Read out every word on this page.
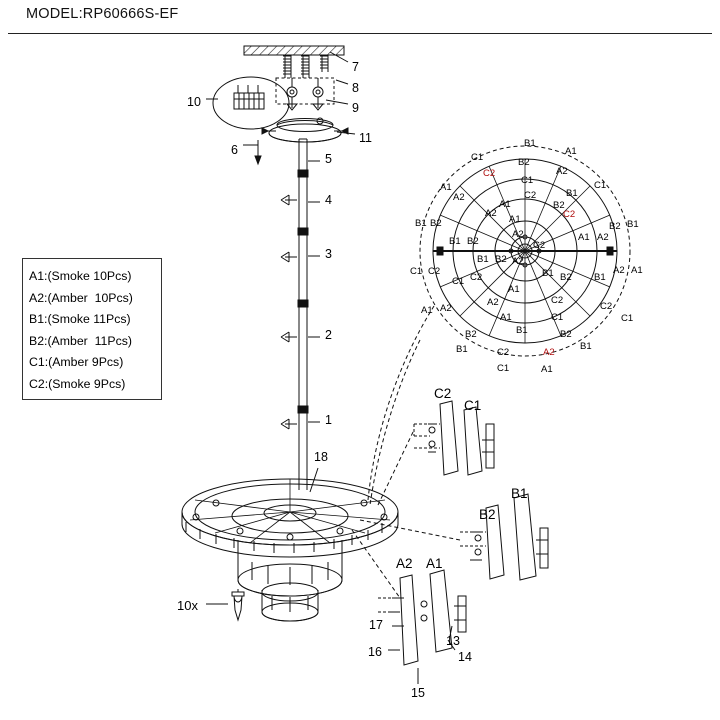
MODEL:RP60666S-EF
A1:(Smoke 10Pcs)
A2:(Amber  10Pcs)
B1:(Smoke 11Pcs)
B2:(Amber  11Pcs)
C1:(Amber 9Pcs)
C2:(Smoke 9Pcs)
7
8
9
10
11
6
5
4
3
2
1
18
17
16
15
14
13
10x
C2
C1
B2
B1
A2 A1
B1
A1
C1	B2
A2
C2
C1	C1
A1
B1
C2
A2
A1	B2
A2	C2
A1
B1 B2	B2 B1
A2
B1 B2	C2
A1 A2
B1 B2
C1 C2
C1 C2
A2
B1 B2 B1
A2 A1
A1
A2	C2
A1 A2	C2
A1	C1	C1
B1
B2	B2
B1	B1
C2	A2
C1	A1
